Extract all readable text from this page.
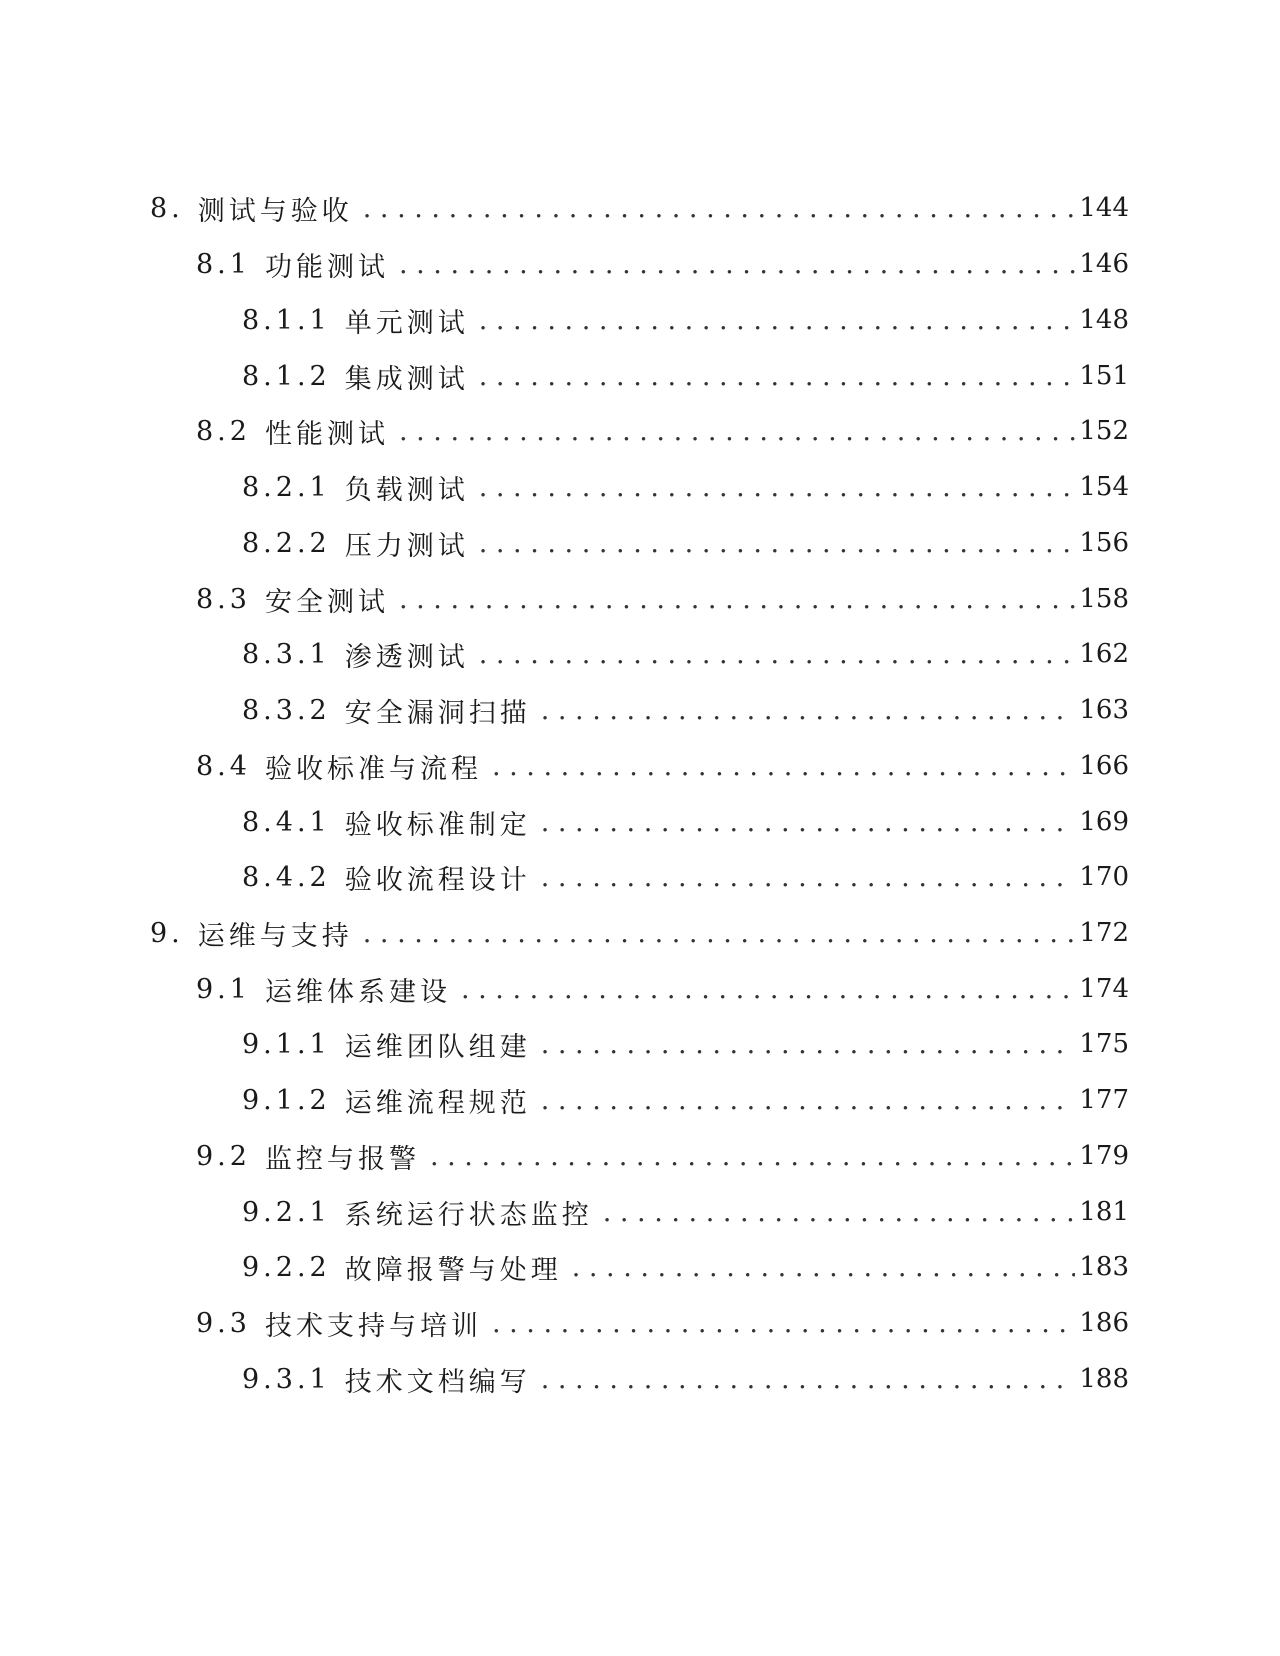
8. 测试与验收 . . .	144
8.1 功能测试 . . .	146
8.1.1 单元测试 . . .	148
8.1.2 集成测试 . . .	151
8.2 性能测试 . . .	152
8.2.1 负载测试 . . .	154
8.2.2 压力测试 . . .	156
8.3 安全测试 . . .	158
8.3.1 渗透测试 . . .	162
8.3.2 安全漏洞扫描 . . .	163
8.4 验收标准与流程 . . .	166
8.4.1 验收标准制定 . . .	169
8.4.2 验收流程设计 . . .	170
9. 运维与支持 . . .	172
9.1 运维体系建设 . . .	174
9.1.1 运维团队组建 . . .	175
9.1.2 运维流程规范 . . .	177
9.2 监控与报警 . . .	179
9.2.1 系统运行状态监控 . . .	181
9.2.2 故障报警与处理 . . .	183
9.3 技术支持与培训 . . .	186
9.3.1 技术文档编写 . . .	188
